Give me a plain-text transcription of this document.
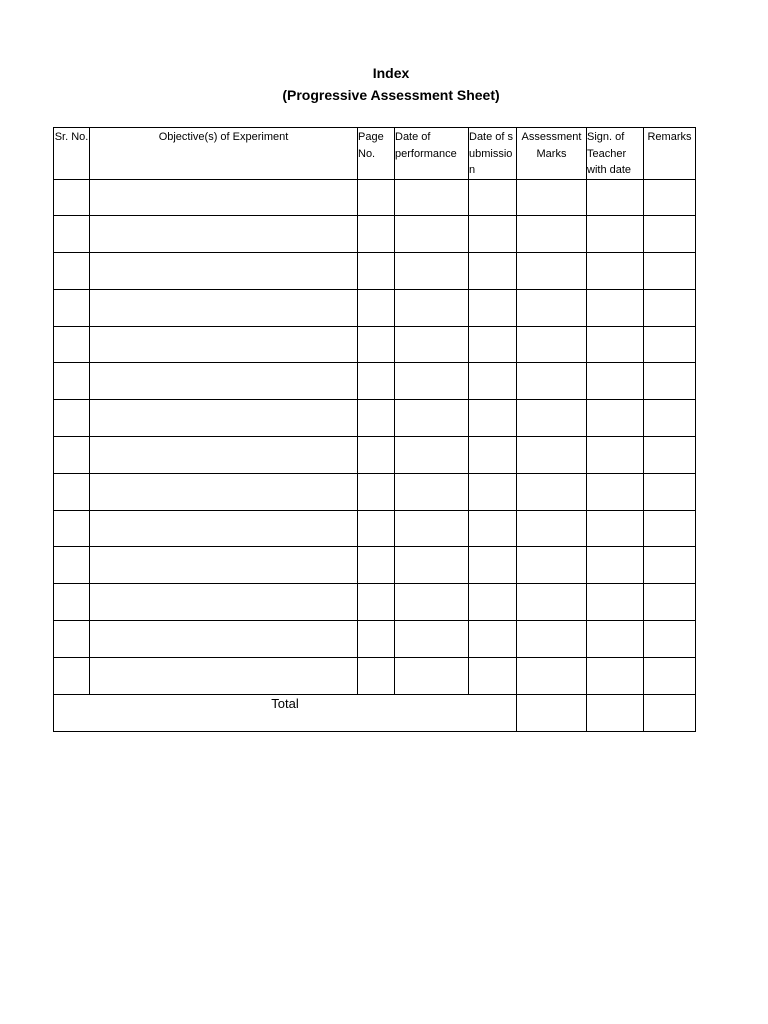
Index
(Progressive Assessment Sheet)
Sr. No.	Objective(s) of Experiment	Page No.	Date of performance	Date of submission	Assessment Marks	Sign. of Teacher with date	Remarks

Total							
